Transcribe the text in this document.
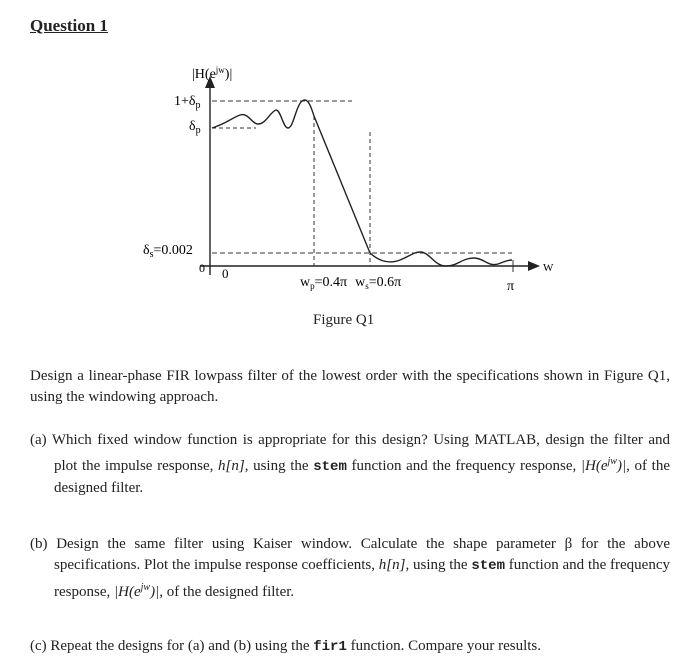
Question 1
$|H(e^{jw})|$
$1+\delta_p$
$\delta_p$
$\delta_s=0.002$
0 0
$w_p=0.4\pi$ $w_s=0.6\pi$	π
W
Figure Q1
Design a linear-phase FIR lowpass filter of the lowest order with the specifications shown in Figure Q1, using the windowing approach.
(a) Which fixed window function is appropriate for this design? Using MATLAB, design the filter and plot the impulse response, h[n], using the stem function and the frequency response, $|H(e^{jw})|$, of the designed filter.
(b) Design the same filter using Kaiser window. Calculate the shape parameter β for the above specifications. Plot the impulse response coefficients, h[n], using the stem function and the frequency response, $|H(e^{jw})|$, of the designed filter.
(c) Repeat the designs for (a) and (b) using the fir1 function. Compare your results.
